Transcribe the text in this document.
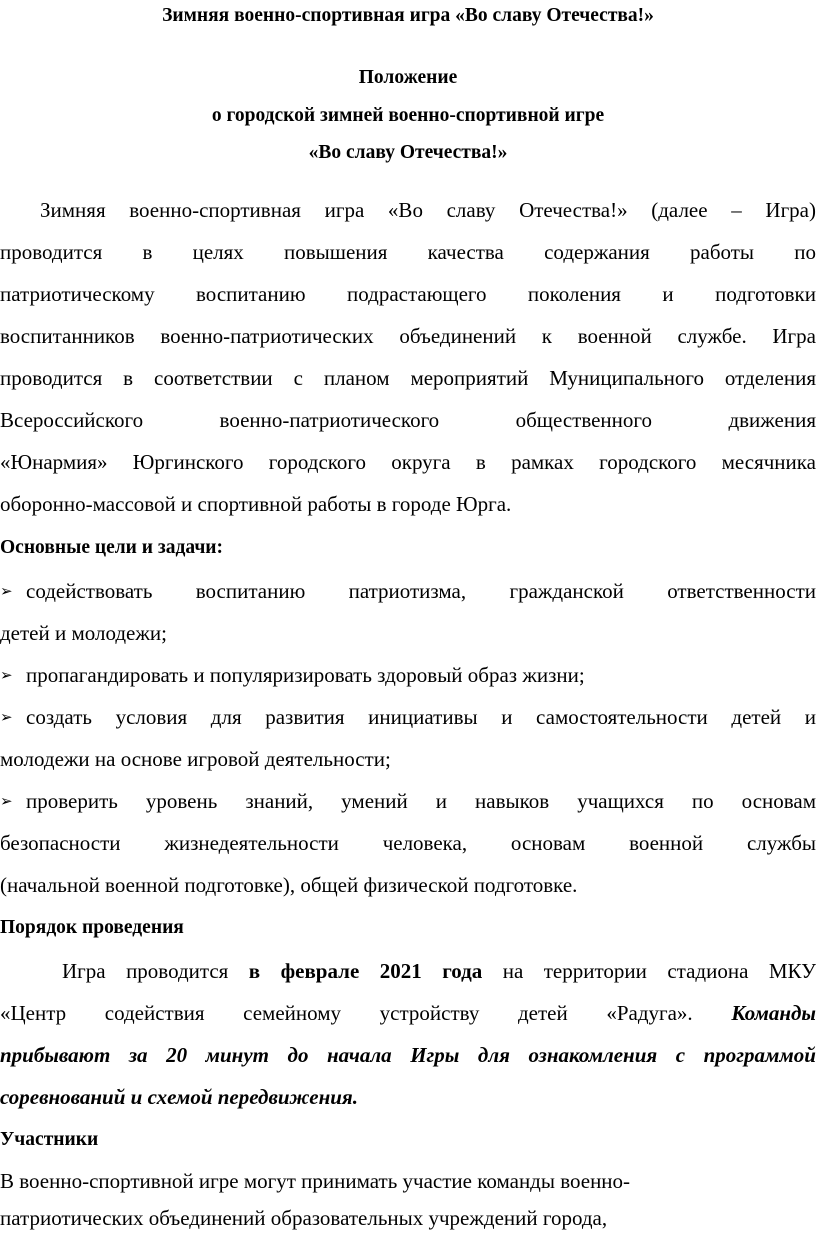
Зимняя военно-спортивная игра «Во славу Отечества!»
Положение
о городской зимней военно-спортивной игре
«Во славу Отечества!»
Зимняя военно-спортивная игра «Во славу Отечества!» (далее – Игра)
проводится в целях повышения качества содержания работы по
патриотическому воспитанию подрастающего поколения и подготовки
воспитанников военно-патриотических объединений к военной службе. Игра
проводится в соответствии с планом мероприятий Муниципального отделения
Всероссийского военно-патриотического общественного движения
«Юнармия» Юргинского городского округа в рамках городского месячника
оборонно-массовой и спортивной работы в городе Юрга.
Основные цели и задачи:
➢ содействовать воспитанию патриотизма, гражданской ответственности
детей и молодежи;
➢ пропагандировать и популяризировать здоровый образ жизни;
➢ создать условия для развития инициативы и самостоятельности детей и
молодежи на основе игровой деятельности;
➢ проверить уровень знаний, умений и навыков учащихся по основам
безопасности жизнедеятельности человека, основам военной службы
(начальной военной подготовке), общей физической подготовке.
Порядок проведения
Игра проводится в феврале 2021 года на территории стадиона МКУ
«Центр содействия семейному устройству детей «Радуга». Команды
прибывают за 20 минут до начала Игры для ознакомления с программой
соревнований и схемой передвижения.
Участники
В военно-спортивной игре могут принимать участие команды военно-
патриотических объединений образовательных учреждений города,
